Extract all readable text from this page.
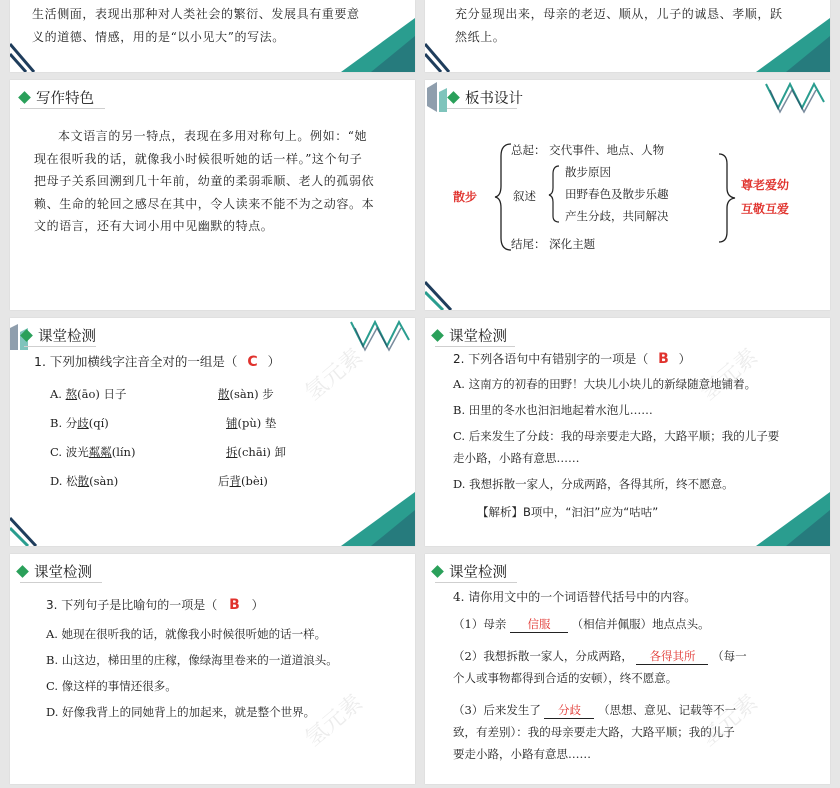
生活侧面，表现出那种对人类社会的繁衍、发展具有重要意
义的道德、情感，用的是“以小见大”的写法。
充分显现出来，母亲的老迈、顺从，儿子的诚恳、孝顺，跃
然纸上。
写作特色
本文语言的另一特点，表现在多用对称句上。例如：“她
现在很听我的话，就像我小时候很听她的话一样。”这个句子
把母子关系回溯到几十年前，幼童的柔弱乖顺、老人的孤弱依
赖、生命的轮回之感尽在其中，令人读来不能不为之动容。本
文的语言，还有大词小用中见幽默的特点。
板书设计
散步
总起： 交代事件、地点、人物
叙述
散步原因
田野春色及散步乐趣
产生分歧，共同解决
结尾： 深化主题
尊老爱幼
互敬互爱
课堂检测
1. 下列加横线字注音全对的一组是（ C ）
A. 熬(āo) 日子	散(sàn) 步
B. 分歧(qí)	铺(pù) 垫
C. 波光粼粼(lín)	拆(chāi) 卸
D. 松散(sàn)	后背(bèi)
氢元素
课堂检测
2. 下列各语句中有错别字的一项是（ B ）
A. 这南方的初春的田野！大块儿小块儿的新绿随意地铺着。
B. 田里的冬水也汩汩地起着水泡儿……
C. 后来发生了分歧：我的母亲要走大路，大路平顺；我的儿子要
走小路，小路有意思……
D. 我想拆散一家人，分成两路，各得其所，终不愿意。
【解析】B项中，“汩汩”应为“咕咕”
氢元素
课堂检测
3. 下列句子是比喻句的一项是（ B ）
A. 她现在很听我的话，就像我小时候很听她的话一样。
B. 山这边，梯田里的庄稼，像绿海里卷来的一道道浪头。
C. 像这样的事情还很多。
D. 好像我背上的同她背上的加起来，就是整个世界。
氢元素
课堂检测
4. 请你用文中的一个词语替代括号中的内容。
（1）母亲 信服 （相信并佩服）地点点头。
（2）我想拆散一家人，分成两路， 各得其所 （每一
个人或事物都得到合适的安顿），终不愿意。
（3）后来发生了 分歧 （思想、意见、记载等不一
致，有差别）：我的母亲要走大路，大路平顺；我的儿子
要走小路，小路有意思……
氢元素
